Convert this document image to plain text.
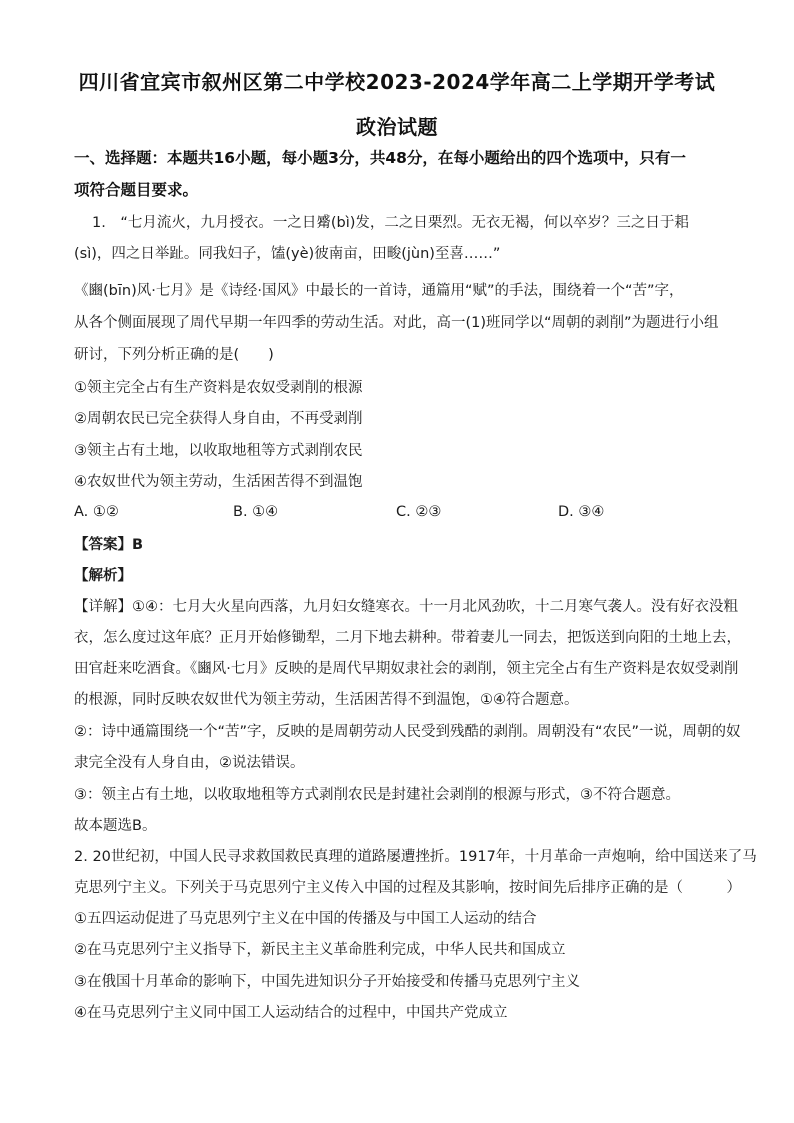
四川省宜宾市叙州区第二中学校2023-2024学年高二上学期开学考试
政治试题
一、选择题：本题共16小题，每小题3分，共48分，在每小题给出的四个选项中，只有一
项符合题目要求。
1.　“七月流火，九月授衣。一之日觱(bì)发，二之日栗烈。无衣无褐，何以卒岁？三之日于耜
(sì)，四之日举趾。同我妇子，馌(yè)彼南亩，田畯(jùn)至喜……”
《豳(bīn)风·七月》是《诗经·国风》中最长的一首诗，通篇用“赋”的手法，围绕着一个“苦”字，
从各个侧面展现了周代早期一年四季的劳动生活。对此，高一(1)班同学以“周朝的剥削”为题进行小组
研讨，下列分析正确的是(　　)
①领主完全占有生产资料是农奴受剥削的根源
②周朝农民已完全获得人身自由，不再受剥削
③领主占有土地，以收取地租等方式剥削农民
④农奴世代为领主劳动，生活困苦得不到温饱
A. ①②	B. ①④	C. ②③	D. ③④
【答案】B
【解析】
【详解】①④：七月大火星向西落，九月妇女缝寒衣。十一月北风劲吹，十二月寒气袭人。没有好衣没粗
衣，怎么度过这年底？正月开始修锄犁，二月下地去耕种。带着妻儿一同去，把饭送到向阳的土地上去，
田官赶来吃酒食。《豳风·七月》反映的是周代早期奴隶社会的剥削，领主完全占有生产资料是农奴受剥削
的根源，同时反映农奴世代为领主劳动，生活困苦得不到温饱，①④符合题意。
②：诗中通篇围绕一个“苦”字，反映的是周朝劳动人民受到残酷的剥削。周朝没有“农民”一说，周朝的奴
隶完全没有人身自由，②说法错误。
③：领主占有土地，以收取地租等方式剥削农民是封建社会剥削的根源与形式，③不符合题意。
故本题选B。
2. 20世纪初，中国人民寻求救国救民真理的道路屡遭挫折。1917年，十月革命一声炮响，给中国送来了马
克思列宁主义。下列关于马克思列宁主义传入中国的过程及其影响，按时间先后排序正确的是（　　　）
①五四运动促进了马克思列宁主义在中国的传播及与中国工人运动的结合
②在马克思列宁主义指导下，新民主主义革命胜利完成，中华人民共和国成立
③在俄国十月革命的影响下，中国先进知识分子开始接受和传播马克思列宁主义
④在马克思列宁主义同中国工人运动结合的过程中，中国共产党成立
